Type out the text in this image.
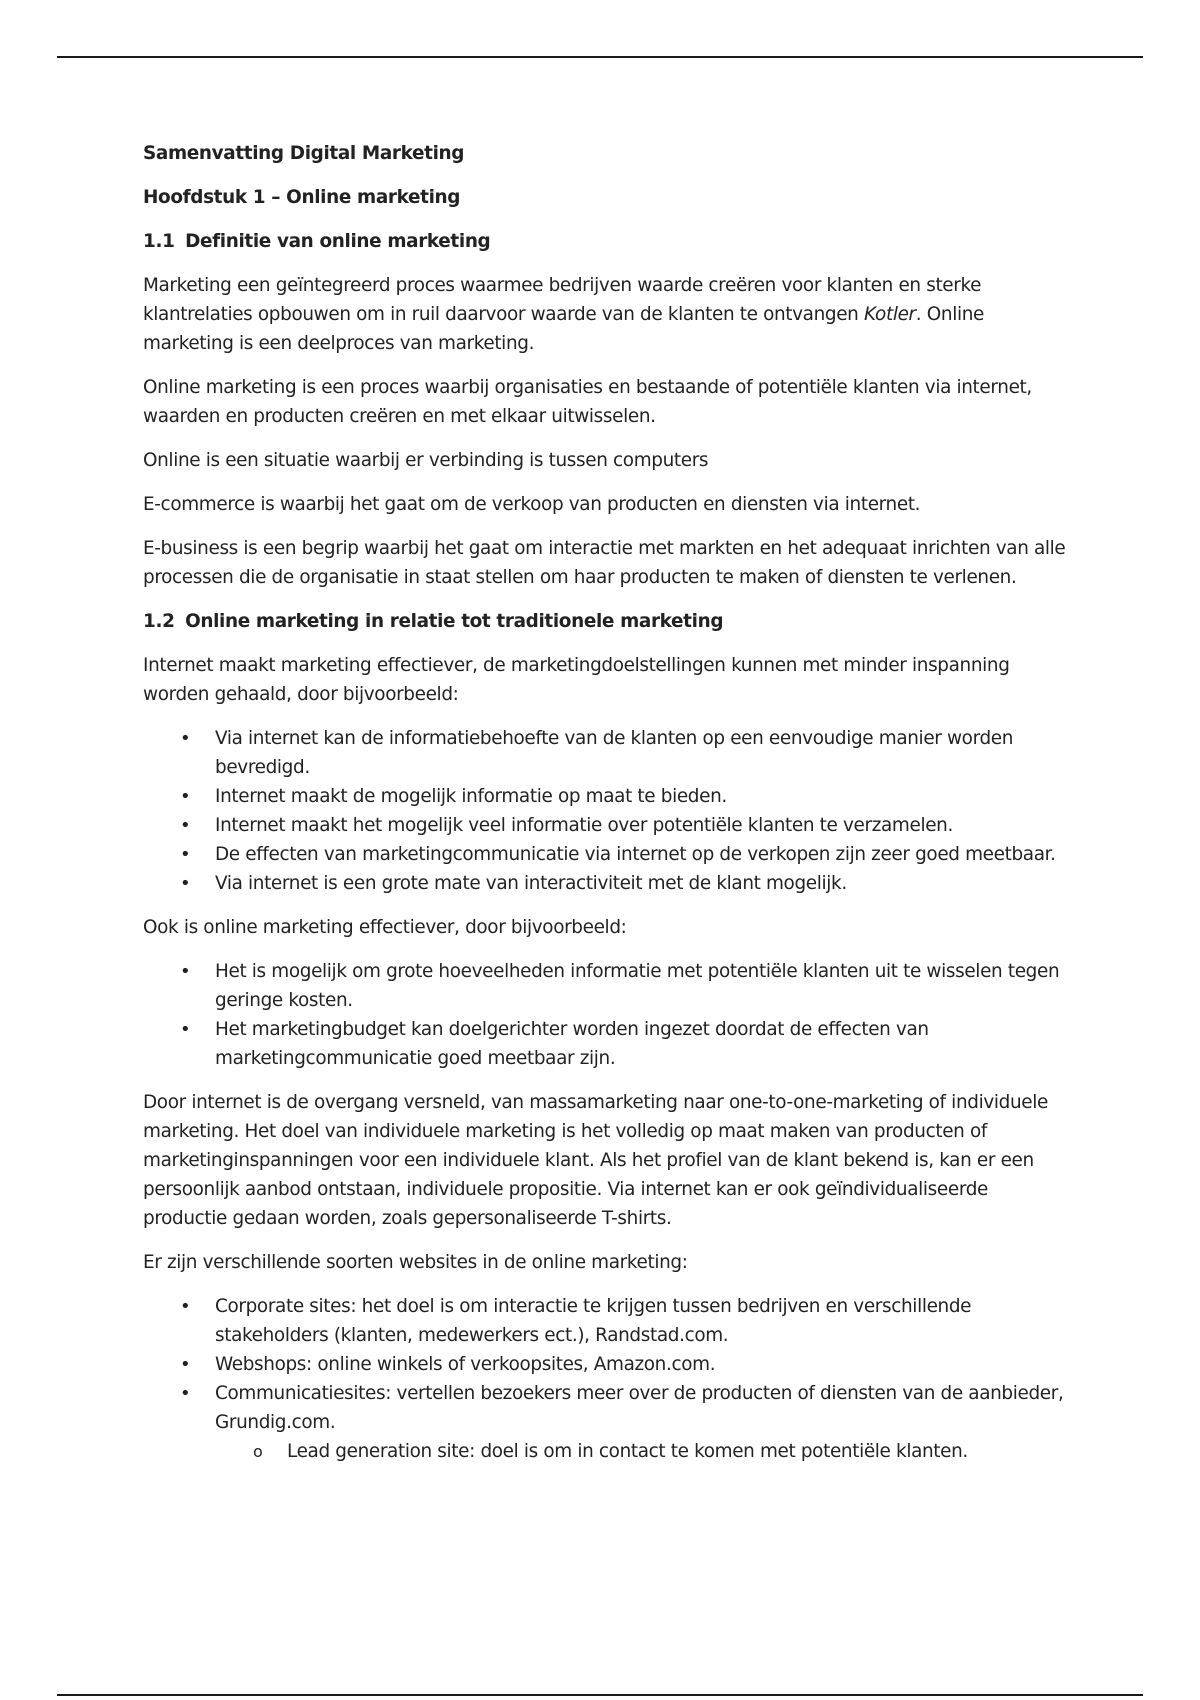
Samenvatting Digital Marketing

Hoofdstuk 1 – Online marketing

1.1 Definitie van online marketing

Marketing een geïntegreerd proces waarmee bedrijven waarde creëren voor klanten en sterke klantrelaties opbouwen om in ruil daarvoor waarde van de klanten te ontvangen Kotler. Online marketing is een deelproces van marketing.

Online marketing is een proces waarbij organisaties en bestaande of potentiële klanten via internet, waarden en producten creëren en met elkaar uitwisselen.

Online is een situatie waarbij er verbinding is tussen computers

E-commerce is waarbij het gaat om de verkoop van producten en diensten via internet.

E-business is een begrip waarbij het gaat om interactie met markten en het adequaat inrichten van alle processen die de organisatie in staat stellen om haar producten te maken of diensten te verlenen.

1.2 Online marketing in relatie tot traditionele marketing

Internet maakt marketing effectiever, de marketingdoelstellingen kunnen met minder inspanning worden gehaald, door bijvoorbeeld:

• Via internet kan de informatiebehoefte van de klanten op een eenvoudige manier worden bevredigd.
• Internet maakt de mogelijk informatie op maat te bieden.
• Internet maakt het mogelijk veel informatie over potentiële klanten te verzamelen.
• De effecten van marketingcommunicatie via internet op de verkopen zijn zeer goed meetbaar.
• Via internet is een grote mate van interactiviteit met de klant mogelijk.

Ook is online marketing effectiever, door bijvoorbeeld:

• Het is mogelijk om grote hoeveelheden informatie met potentiële klanten uit te wisselen tegen geringe kosten.
• Het marketingbudget kan doelgerichter worden ingezet doordat de effecten van marketingcommunicatie goed meetbaar zijn.

Door internet is de overgang versneld, van massamarketing naar one-to-one-marketing of individuele marketing. Het doel van individuele marketing is het volledig op maat maken van producten of marketinginspanningen voor een individuele klant. Als het profiel van de klant bekend is, kan er een persoonlijk aanbod ontstaan, individuele propositie. Via internet kan er ook geïndividualiseerde productie gedaan worden, zoals gepersonaliseerde T-shirts.

Er zijn verschillende soorten websites in de online marketing:

• Corporate sites: het doel is om interactie te krijgen tussen bedrijven en verschillende stakeholders (klanten, medewerkers ect.), Randstad.com.
• Webshops: online winkels of verkoopsites, Amazon.com.
• Communicatiesites: vertellen bezoekers meer over de producten of diensten van de aanbieder, Grundig.com.
o Lead generation site: doel is om in contact te komen met potentiële klanten.
